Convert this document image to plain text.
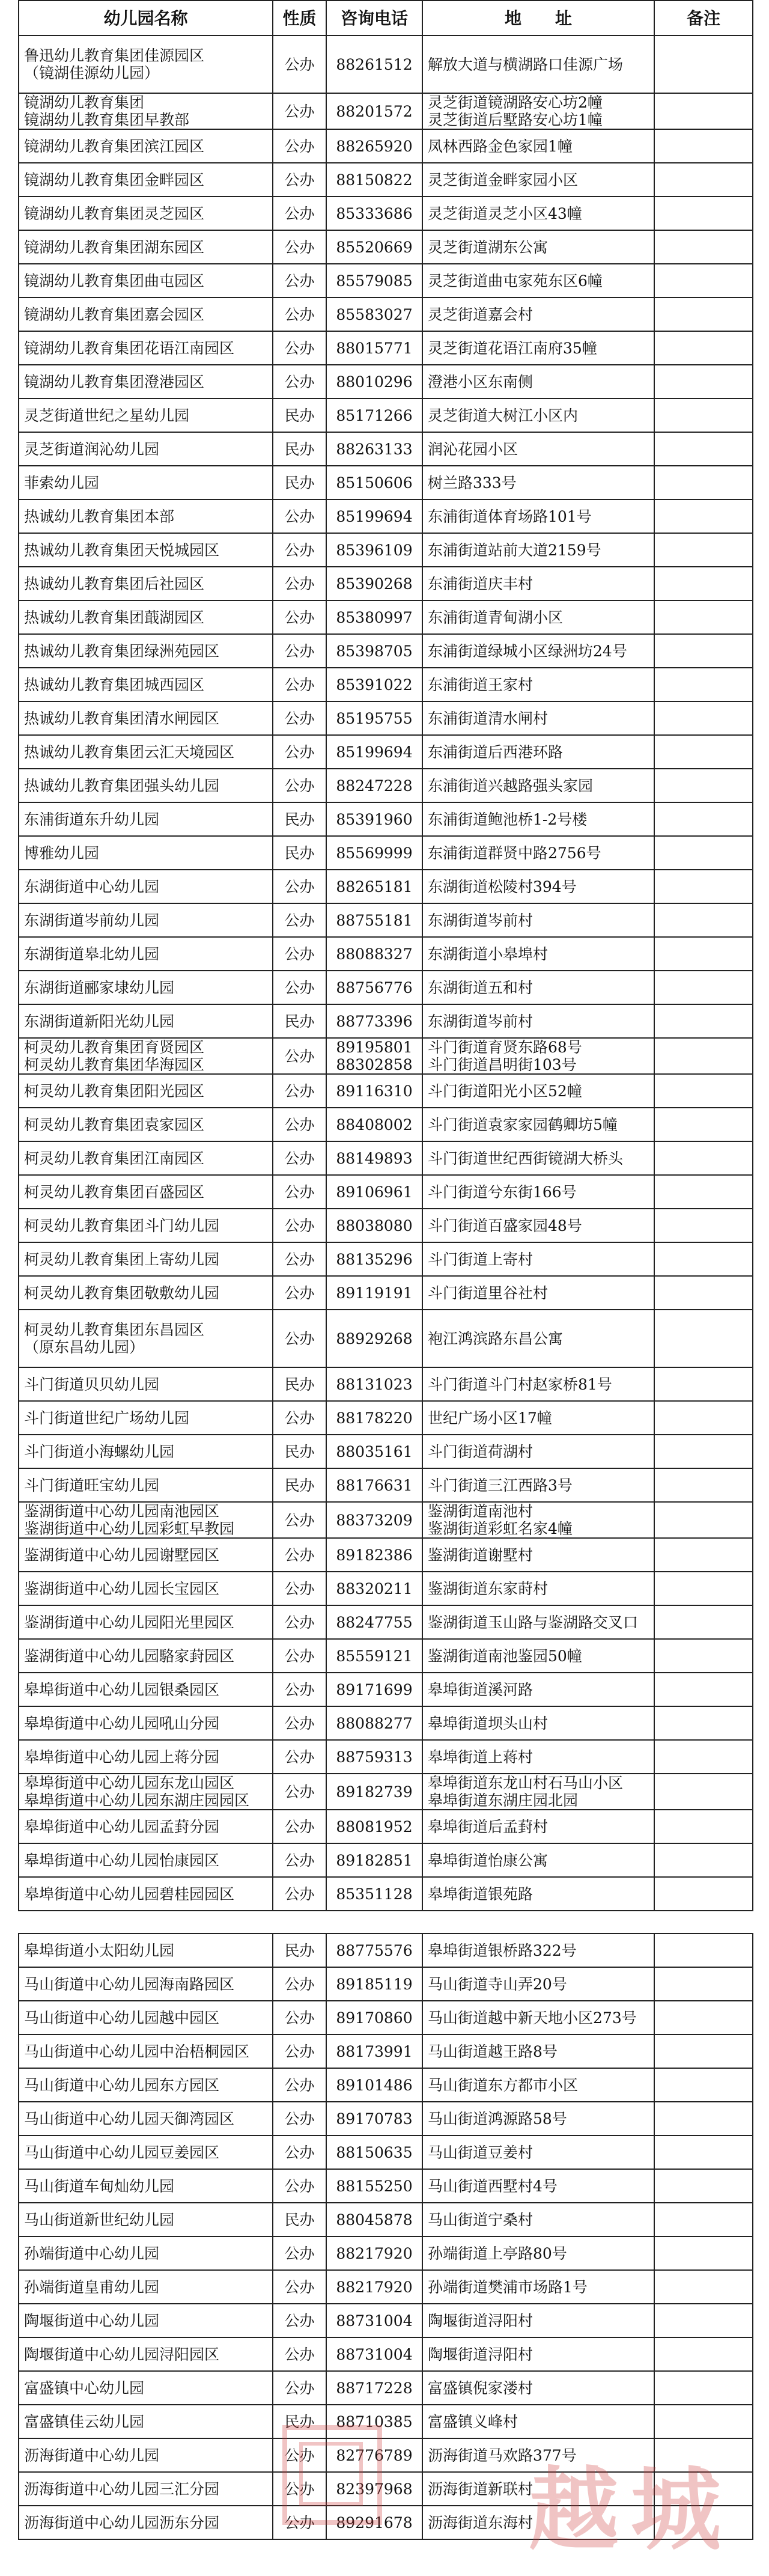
幼儿园名称	性质	咨询电话	地　　址	备注

鲁迅幼儿教育集团佳源园区
（镜湖佳源幼儿园）	公办	88261512	解放大道与横湖路口佳源广场	

镜湖幼儿教育集团
镜湖幼儿教育集团早教部	公办	88201572	灵芝街道镜湖路安心坊2幢
灵芝街道后墅路安心坊1幢	

镜湖幼儿教育集团滨江园区	公办	88265920	凤林西路金色家园1幢	

镜湖幼儿教育集团金畔园区	公办	88150822	灵芝街道金畔家园小区	

镜湖幼儿教育集团灵芝园区	公办	85333686	灵芝街道灵芝小区43幢	

镜湖幼儿教育集团湖东园区	公办	85520669	灵芝街道湖东公寓	

镜湖幼儿教育集团曲屯园区	公办	85579085	灵芝街道曲屯家苑东区6幢	

镜湖幼儿教育集团嘉会园区	公办	85583027	灵芝街道嘉会村	

镜湖幼儿教育集团花语江南园区	公办	88015771	灵芝街道花语江南府35幢	

镜湖幼儿教育集团澄港园区	公办	88010296	澄港小区东南侧	

灵芝街道世纪之星幼儿园	民办	85171266	灵芝街道大树江小区内	

灵芝街道润沁幼儿园	民办	88263133	润沁花园小区	

菲索幼儿园	民办	85150606	树兰路333号	

热诚幼儿教育集团本部	公办	85199694	东浦街道体育场路101号	

热诚幼儿教育集团天悦城园区	公办	85396109	东浦街道站前大道2159号	

热诚幼儿教育集团后社园区	公办	85390268	东浦街道庆丰村	

热诚幼儿教育集团蕺湖园区	公办	85380997	东浦街道青甸湖小区	

热诚幼儿教育集团绿洲苑园区	公办	85398705	东浦街道绿城小区绿洲坊24号	

热诚幼儿教育集团城西园区	公办	85391022	东浦街道王家村	

热诚幼儿教育集团清水闸园区	公办	85195755	东浦街道清水闸村	

热诚幼儿教育集团云汇天境园区	公办	85199694	东浦街道后西港环路	

热诚幼儿教育集团强头幼儿园	公办	88247228	东浦街道兴越路强头家园	

东浦街道东升幼儿园	民办	85391960	东浦街道鲍池桥1-2号楼	

博雅幼儿园	民办	85569999	东浦街道群贤中路2756号	

东湖街道中心幼儿园	公办	88265181	东湖街道松陵村394号	

东湖街道岑前幼儿园	公办	88755181	东湖街道岑前村	

东湖街道皋北幼儿园	公办	88088327	东湖街道小皋埠村	

东湖街道郦家埭幼儿园	公办	88756776	东湖街道五和村	

东湖街道新阳光幼儿园	民办	88773396	东湖街道岑前村	

柯灵幼儿教育集团育贤园区
柯灵幼儿教育集团华海园区	公办	89195801
88302858	斗门街道育贤东路68号
斗门街道昌明街103号	

柯灵幼儿教育集团阳光园区	公办	89116310	斗门街道阳光小区52幢	

柯灵幼儿教育集团袁家园区	公办	88408002	斗门街道袁家家园鹤卿坊5幢	

柯灵幼儿教育集团江南园区	公办	88149893	斗门街道世纪西街镜湖大桥头	

柯灵幼儿教育集团百盛园区	公办	89106961	斗门街道兮东街166号	

柯灵幼儿教育集团斗门幼儿园	公办	88038080	斗门街道百盛家园48号	

柯灵幼儿教育集团上寄幼儿园	公办	88135296	斗门街道上寄村	

柯灵幼儿教育集团敬敷幼儿园	公办	89119191	斗门街道里谷社村	

柯灵幼儿教育集团东昌园区
（原东昌幼儿园）	公办	88929268	袍江鸿滨路东昌公寓	

斗门街道贝贝幼儿园	民办	88131023	斗门街道斗门村赵家桥81号	

斗门街道世纪广场幼儿园	公办	88178220	世纪广场小区17幢	

斗门街道小海螺幼儿园	民办	88035161	斗门街道荷湖村	

斗门街道旺宝幼儿园	民办	88176631	斗门街道三江西路3号	

鉴湖街道中心幼儿园南池园区
鉴湖街道中心幼儿园彩虹早教园	公办	88373209	鉴湖街道南池村
鉴湖街道彩虹名家4幢	

鉴湖街道中心幼儿园谢墅园区	公办	89182386	鉴湖街道谢墅村	

鉴湖街道中心幼儿园长宝园区	公办	88320211	鉴湖街道东家莳村	

鉴湖街道中心幼儿园阳光里园区	公办	88247755	鉴湖街道玉山路与鉴湖路交叉口	

鉴湖街道中心幼儿园駱家葑园区	公办	85559121	鉴湖街道南池鉴园50幢	

皋埠街道中心幼儿园银桑园区	公办	89171699	皋埠街道溪河路	

皋埠街道中心幼儿园吼山分园	公办	88088277	皋埠街道坝头山村	

皋埠街道中心幼儿园上蒋分园	公办	88759313	皋埠街道上蒋村	

皋埠街道中心幼儿园东龙山园区
皋埠街道中心幼儿园东湖庄园园区	公办	89182739	皋埠街道东龙山村石马山小区
皋埠街道东湖庄园北园	

皋埠街道中心幼儿园孟葑分园	公办	88081952	皋埠街道后孟葑村	

皋埠街道中心幼儿园怡康园区	公办	89182851	皋埠街道怡康公寓	

皋埠街道中心幼儿园碧桂园园区	公办	85351128	皋埠街道银苑路	

皋埠街道小太阳幼儿园	民办	88775576	皋埠街道银桥路322号	

马山街道中心幼儿园海南路园区	公办	89185119	马山街道寺山弄20号	

马山街道中心幼儿园越中园区	公办	89170860	马山街道越中新天地小区273号	

马山街道中心幼儿园中治梧桐园区	公办	88173991	马山街道越王路8号	

马山街道中心幼儿园东方园区	公办	89101486	马山街道东方都市小区	

马山街道中心幼儿园天御湾园区	公办	89170783	马山街道鸿源路58号	

马山街道中心幼儿园豆姜园区	公办	88150635	马山街道豆姜村	

马山街道车甸灿幼儿园	公办	88155250	马山街道西墅村4号	

马山街道新世纪幼儿园	民办	88045878	马山街道宁桑村	

孙端街道中心幼儿园	公办	88217920	孙端街道上亭路80号	

孙端街道皇甫幼儿园	公办	88217920	孙端街道樊浦市场路1号	

陶堰街道中心幼儿园	公办	88731004	陶堰街道浔阳村	

陶堰街道中心幼儿园浔阳园区	公办	88731004	陶堰街道浔阳村	

富盛镇中心幼儿园	公办	88717228	富盛镇倪家溇村	

富盛镇佳云幼儿园	民办	88710385	富盛镇义峰村	

沥海街道中心幼儿园	公办	82776789	沥海街道马欢路377号	

沥海街道中心幼儿园三汇分园	公办	82397968	沥海街道新联村	

沥海街道中心幼儿园沥东分园	公办	89291678	沥海街道东海村	

越城
